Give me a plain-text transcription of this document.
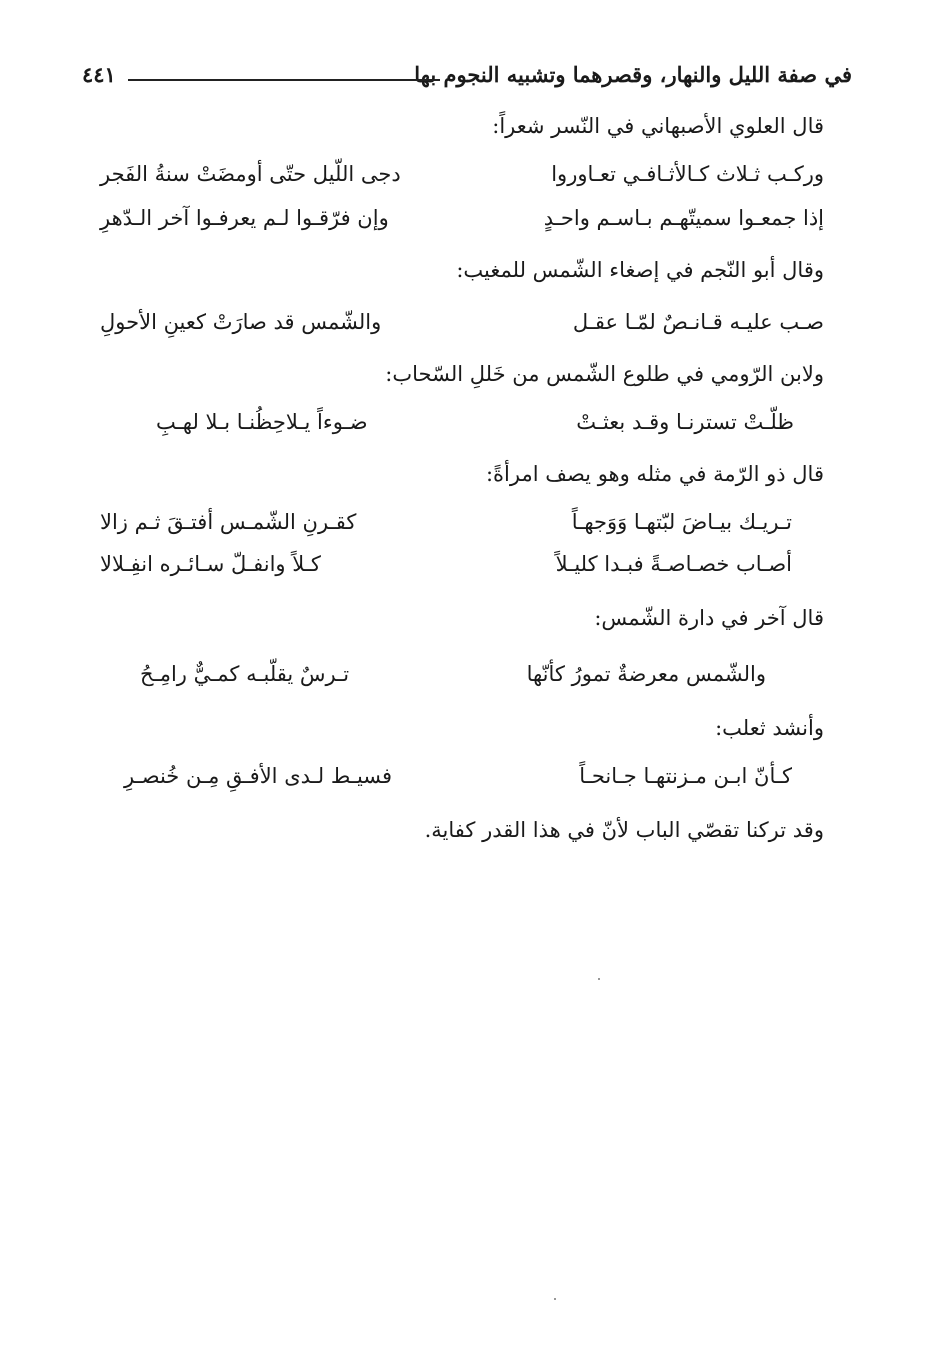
في صفة الليل والنهار، وقصرهما وتشبيه النجوم بها
٤٤١
قال العلوي الأصبهاني في النّسر شعراً:
وركـب ثـلاث كـالأثـافـي تعـاوروا
دجى اللّيل حتّى أومضَتْ سنةُ الفَجر
إذا جمعـوا سميتّهـم بـاسـم واحـدٍ
وإن فرّقـوا لـم يعرفـوا آخر الـدّهرِ
وقال أبو النّجم في إصغاء الشّمس للمغيب:
صـب عليـه قـانـصٌ لمّـا عقـل
والشّمس قد صارَتْ كعينِ الأحولِ
ولابن الرّومي في طلوع الشّمس من خَللِ السّحاب:
ظلّـتْ تسترنـا وقـد بعثـتْ
ضـوءاً يـلاحِظُنـا بـلا لهـبِ
قال ذو الرّمة في مثله وهو يصف امرأةً:
تـريـك بيـاضَ لبّتهـا وَوَجهـاً
كقـرنِ الشّمـس أفتـقَ ثـم زالا
أصـاب خصـاصـةً فبـدا كليـلاً
كـلاً وانفـلّ سـائـره انفِـلالا
قال آخر في دارة الشّمس:
والشّمس معرضةٌ تمورُ كأنّها
تـرسٌ يقلّبـه كمـيٌّ رامِـحُ
وأنشد ثعلب:
كـأنّ ابـن مـزنتهـا جـانحـاً
فسيـط لـدى الأفـقِ مِـن خُنصـرِ
وقد تركنا تقصّي الباب لأنّ في هذا القدر كفاية.
